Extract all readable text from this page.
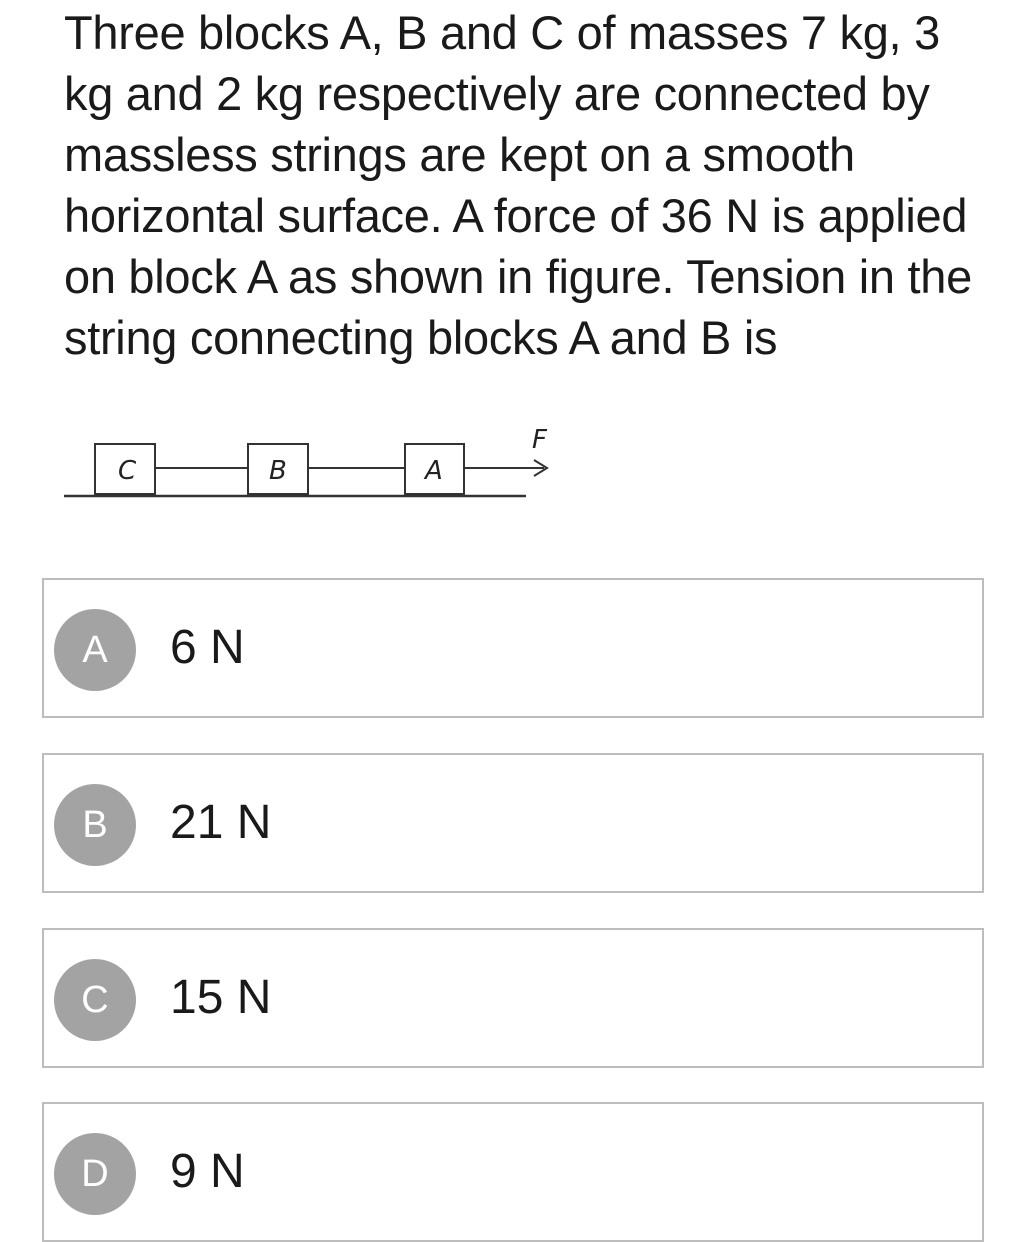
Three blocks A, B and C of masses 7 kg, 3 kg and 2 kg respectively are connected by massless strings are kept on a smooth horizontal surface. A force of 36 N is applied on block A as shown in figure. Tension in the string connecting blocks A and B is

C	B	A
F
A	6 N
B	21 N
C	15 N
D	9 N
